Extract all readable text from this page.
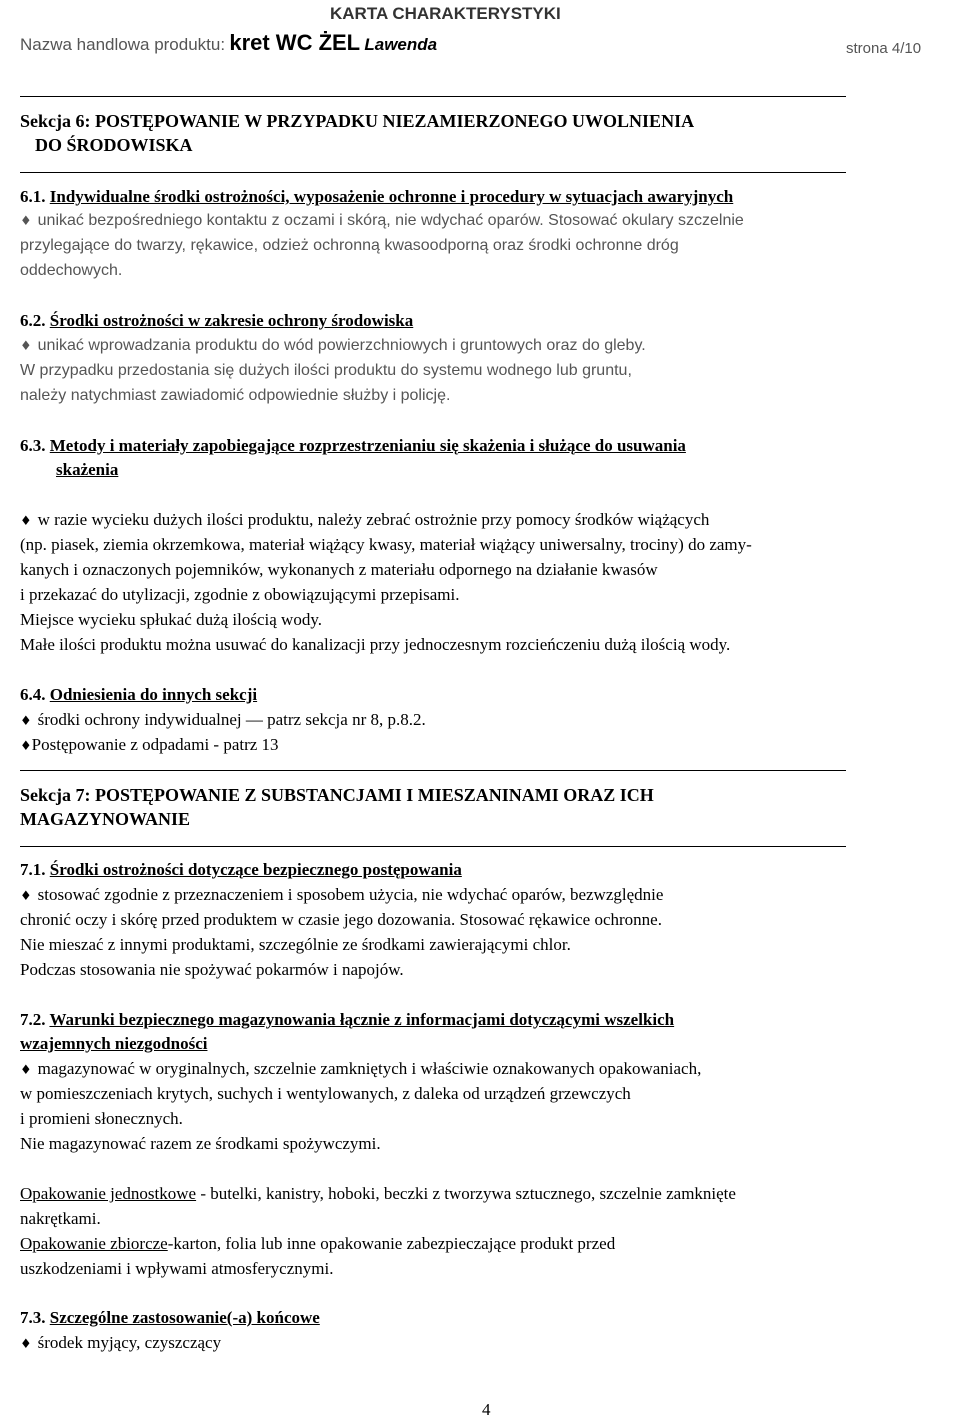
KARTA CHARAKTERYSTYKI
Nazwa handlowa produktu: kret WC ŻEL Lawenda	strona 4/10
Sekcja 6: POSTĘPOWANIE W PRZYPADKU NIEZAMIERZONEGO UWOLNIENIA
DO ŚRODOWISKA
6.1. Indywidualne środki ostrożności, wyposażenie ochronne i procedury w sytuacjach awaryjnych
♦ unikać bezpośredniego kontaktu z oczami i skórą, nie wdychać oparów. Stosować okulary szczelnie
przylegające do twarzy, rękawice, odzież ochronną kwasoodporną oraz środki ochronne dróg
oddechowych.
6.2. Środki ostrożności w zakresie ochrony środowiska
♦ unikać wprowadzania produktu do wód powierzchniowych i gruntowych oraz do gleby.
W przypadku przedostania się dużych ilości produktu do systemu wodnego lub gruntu,
należy natychmiast zawiadomić odpowiednie służby i policję.
6.3. Metody i materiały zapobiegające rozprzestrzenianiu się skażenia i służące do usuwania
skażenia
♦ w razie wycieku dużych ilości produktu, należy zebrać ostrożnie przy pomocy środków wiążących
(np. piasek, ziemia okrzemkowa, materiał wiążący kwasy, materiał wiążący uniwersalny, trociny) do zamy-
kanych i oznaczonych pojemników, wykonanych z materiału odpornego na działanie kwasów
i przekazać do utylizacji, zgodnie z obowiązującymi przepisami.
Miejsce wycieku spłukać dużą ilością wody.
Małe ilości produktu można usuwać do kanalizacji przy jednoczesnym rozcieńczeniu dużą ilością wody.
6.4. Odniesienia do innych sekcji
♦ środki ochrony indywidualnej — patrz sekcja nr 8, p.8.2.
♦Postępowanie z odpadami - patrz 13
Sekcja 7: POSTĘPOWANIE Z SUBSTANCJAMI I MIESZANINAMI ORAZ ICH
MAGAZYNOWANIE
7.1. Środki ostrożności dotyczące bezpiecznego postępowania
♦ stosować zgodnie z przeznaczeniem i sposobem użycia, nie wdychać oparów, bezwzględnie
chronić oczy i skórę przed produktem w czasie jego dozowania. Stosować rękawice ochronne.
Nie mieszać z innymi produktami, szczególnie ze środkami zawierającymi chlor.
Podczas stosowania nie spożywać pokarmów i napojów.
7.2. Warunki bezpiecznego magazynowania łącznie z informacjami dotyczącymi wszelkich
wzajemnych niezgodności
♦ magazynować w oryginalnych, szczelnie zamkniętych i właściwie oznakowanych opakowaniach,
w pomieszczeniach krytych, suchych i wentylowanych, z daleka od urządzeń grzewczych
i promieni słonecznych.
Nie magazynować razem ze środkami spożywczymi.
Opakowanie jednostkowe - butelki, kanistry, hoboki, beczki z tworzywa sztucznego, szczelnie zamknięte
nakrętkami.
Opakowanie zbiorcze-karton, folia lub inne opakowanie zabezpieczające produkt przed
uszkodzeniami i wpływami atmosferycznymi.
7.3. Szczególne zastosowanie(-a) końcowe
♦ środek myjący, czyszczący
4
